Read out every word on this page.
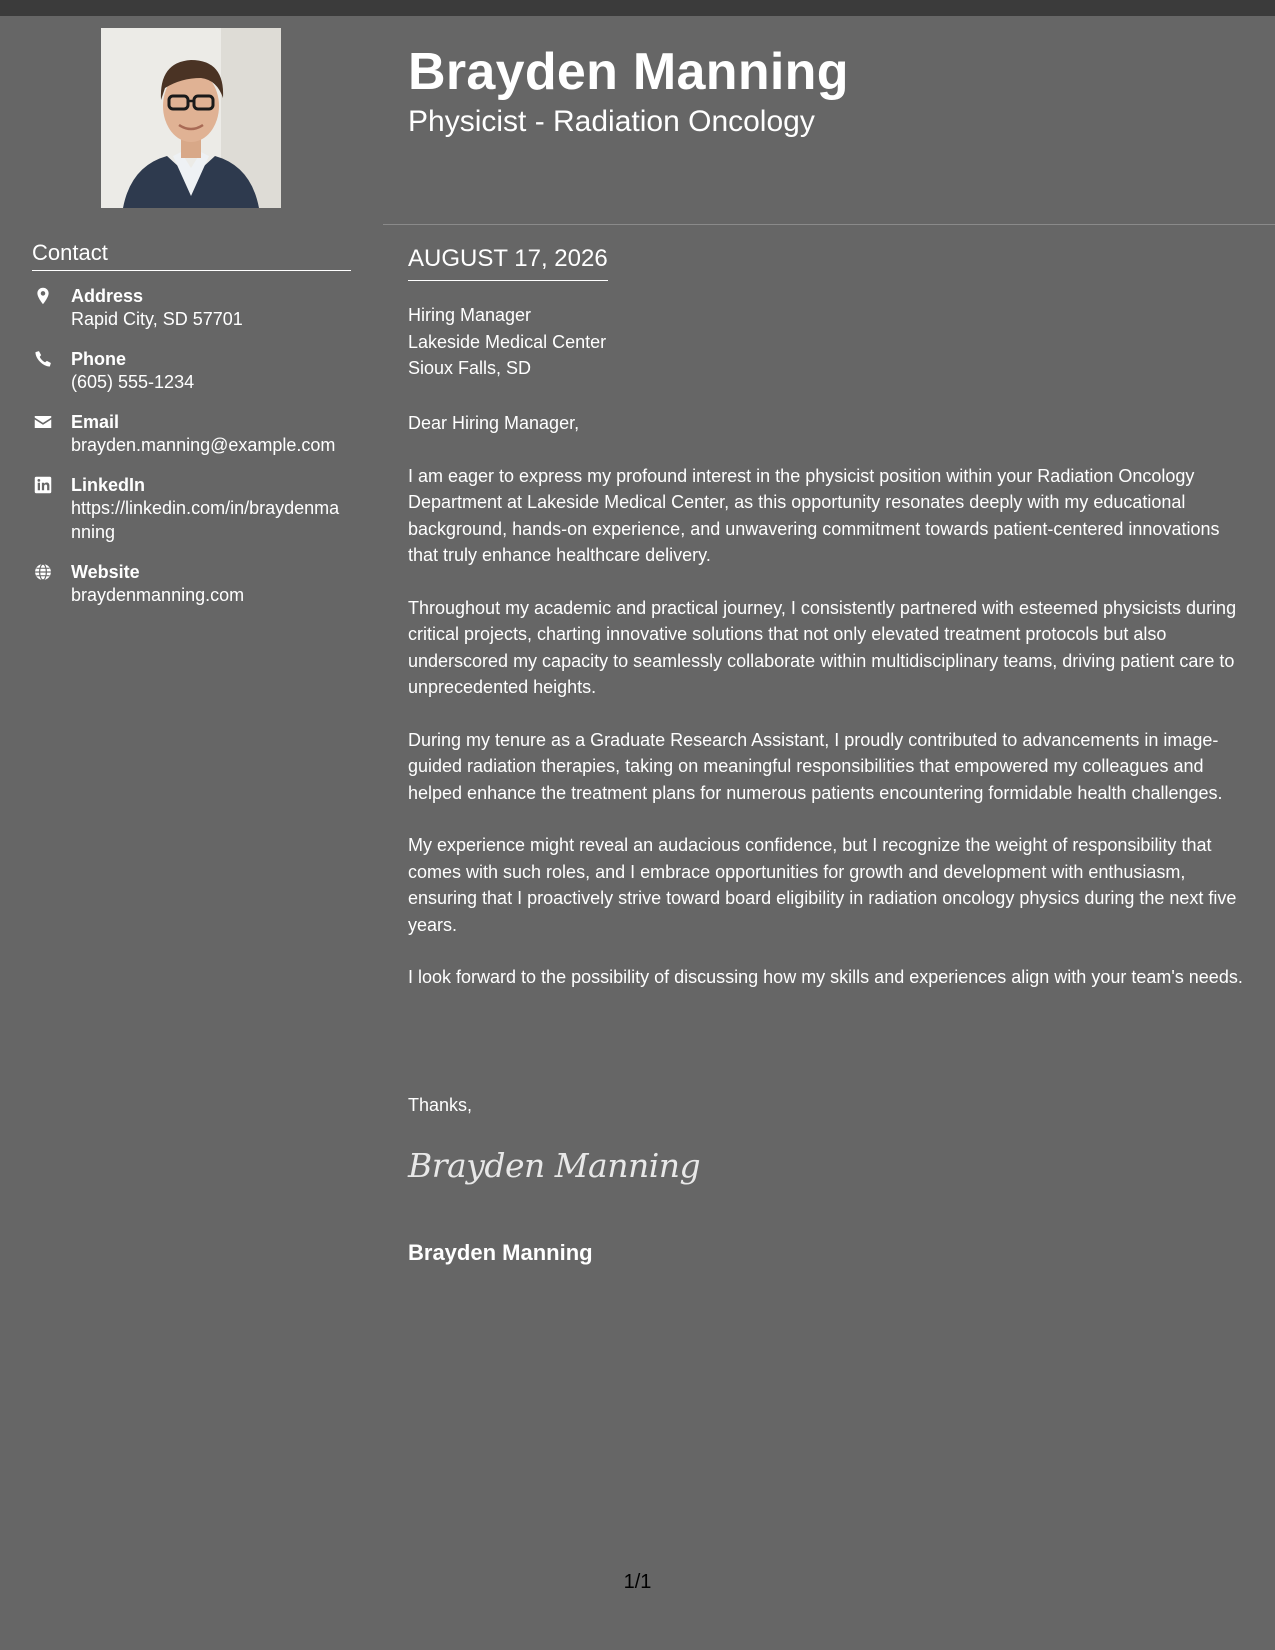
Contact
Address
Rapid City, SD 57701
Phone
(605) 555-1234
Email
brayden.manning@example.com
LinkedIn
https://linkedin.com/in/braydenmanning
Website
braydenmanning.com
Brayden Manning
Physicist - Radiation Oncology
AUGUST 17, 2026
Hiring Manager
Lakeside Medical Center
Sioux Falls, SD

Dear Hiring Manager,

I am eager to express my profound interest in the physicist position within your Radiation Oncology Department at Lakeside Medical Center, as this opportunity resonates deeply with my educational background, hands-on experience, and unwavering commitment towards patient-centered innovations that truly enhance healthcare delivery.

Throughout my academic and practical journey, I consistently partnered with esteemed physicists during critical projects, charting innovative solutions that not only elevated treatment protocols but also underscored my capacity to seamlessly collaborate within multidisciplinary teams, driving patient care to unprecedented heights.

During my tenure as a Graduate Research Assistant, I proudly contributed to advancements in image-guided radiation therapies, taking on meaningful responsibilities that empowered my colleagues and helped enhance the treatment plans for numerous patients encountering formidable health challenges.

My experience might reveal an audacious confidence, but I recognize the weight of responsibility that comes with such roles, and I embrace opportunities for growth and development with enthusiasm, ensuring that I proactively strive toward board eligibility in radiation oncology physics during the next five years.

I look forward to the possibility of discussing how my skills and experiences align with your team's needs.

Thanks,
Brayden Manning
Brayden Manning
1/1
